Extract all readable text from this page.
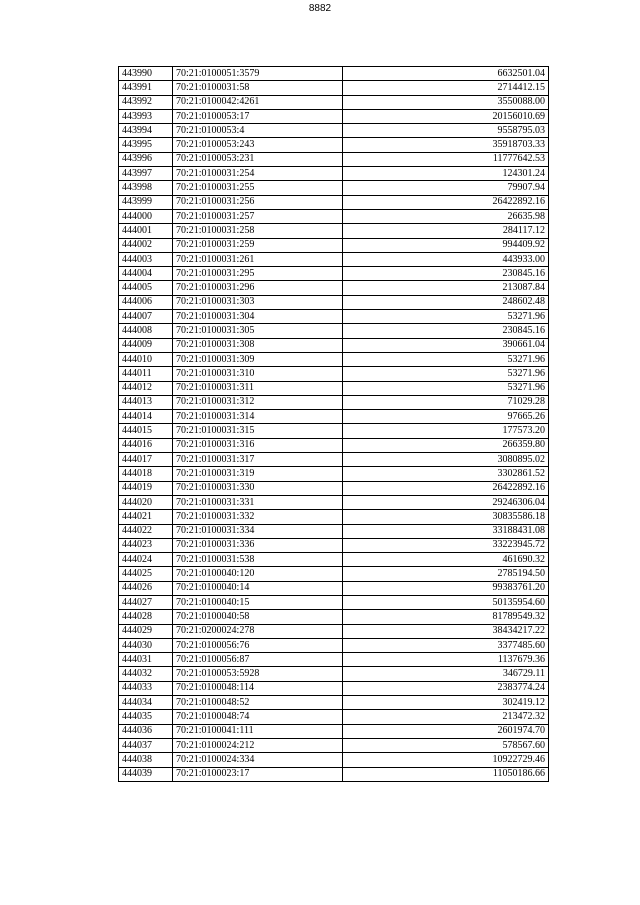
8882
443990	70:21:0100051:3579	6632501.04
443991	70:21:0100031:58	2714412.15
443992	70:21:0100042:4261	3550088.00
443993	70:21:0100053:17	20156010.69
443994	70:21:0100053:4	9558795.03
443995	70:21:0100053:243	35918703.33
443996	70:21:0100053:231	11777642.53
443997	70:21:0100031:254	124301.24
443998	70:21:0100031:255	79907.94
443999	70:21:0100031:256	26422892.16
444000	70:21:0100031:257	26635.98
444001	70:21:0100031:258	284117.12
444002	70:21:0100031:259	994409.92
444003	70:21:0100031:261	443933.00
444004	70:21:0100031:295	230845.16
444005	70:21:0100031:296	213087.84
444006	70:21:0100031:303	248602.48
444007	70:21:0100031:304	53271.96
444008	70:21:0100031:305	230845.16
444009	70:21:0100031:308	390661.04
444010	70:21:0100031:309	53271.96
444011	70:21:0100031:310	53271.96
444012	70:21:0100031:311	53271.96
444013	70:21:0100031:312	71029.28
444014	70:21:0100031:314	97665.26
444015	70:21:0100031:315	177573.20
444016	70:21:0100031:316	266359.80
444017	70:21:0100031:317	3080895.02
444018	70:21:0100031:319	3302861.52
444019	70:21:0100031:330	26422892.16
444020	70:21:0100031:331	29246306.04
444021	70:21:0100031:332	30835586.18
444022	70:21:0100031:334	33188431.08
444023	70:21:0100031:336	33223945.72
444024	70:21:0100031:538	461690.32
444025	70:21:0100040:120	2785194.50
444026	70:21:0100040:14	99383761.20
444027	70:21:0100040:15	50135954.60
444028	70:21:0100040:58	81789549.32
444029	70:21:0200024:278	38434217.22
444030	70:21:0100056:76	3377485.60
444031	70:21:0100056:87	1137679.36
444032	70:21:0100053:5928	346729.11
444033	70:21:0100048:114	2383774.24
444034	70:21:0100048:52	302419.12
444035	70:21:0100048:74	213472.32
444036	70:21:0100041:111	2601974.70
444037	70:21:0100024:212	578567.60
444038	70:21:0100024:334	10922729.46
444039	70:21:0100023:17	11050186.66
